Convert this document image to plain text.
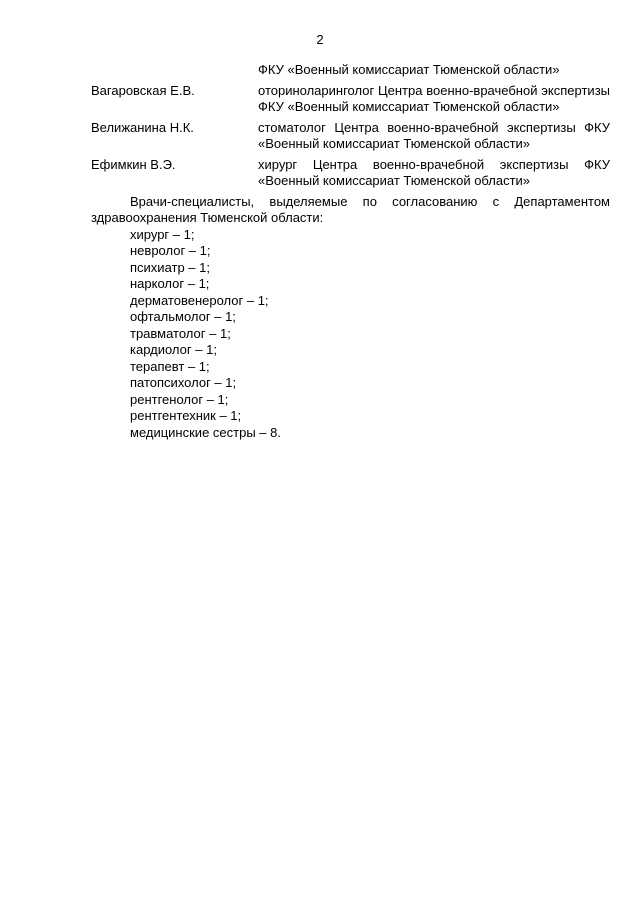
2
ФКУ «Военный комиссариат Тюменской области»
Вагаровская Е.В.	оториноларинголог Центра военно-врачебной экспертизы ФКУ «Военный комиссариат Тюменской области»
Велижанина Н.К.	стоматолог Центра военно-врачебной экспертизы ФКУ «Военный комиссариат Тюменской области»
Ефимкин В.Э.	хирург Центра военно-врачебной экспертизы ФКУ «Военный комиссариат Тюменской области»
Врачи-специалисты, выделяемые по согласованию с Департаментом здравоохранения Тюменской области:
хирург – 1;
невролог – 1;
психиатр – 1;
нарколог – 1;
дерматовенеролог – 1;
офтальмолог – 1;
травматолог – 1;
кардиолог – 1;
терапевт – 1;
патопсихолог – 1;
рентгенолог – 1;
рентгентехник – 1;
медицинские сестры – 8.
